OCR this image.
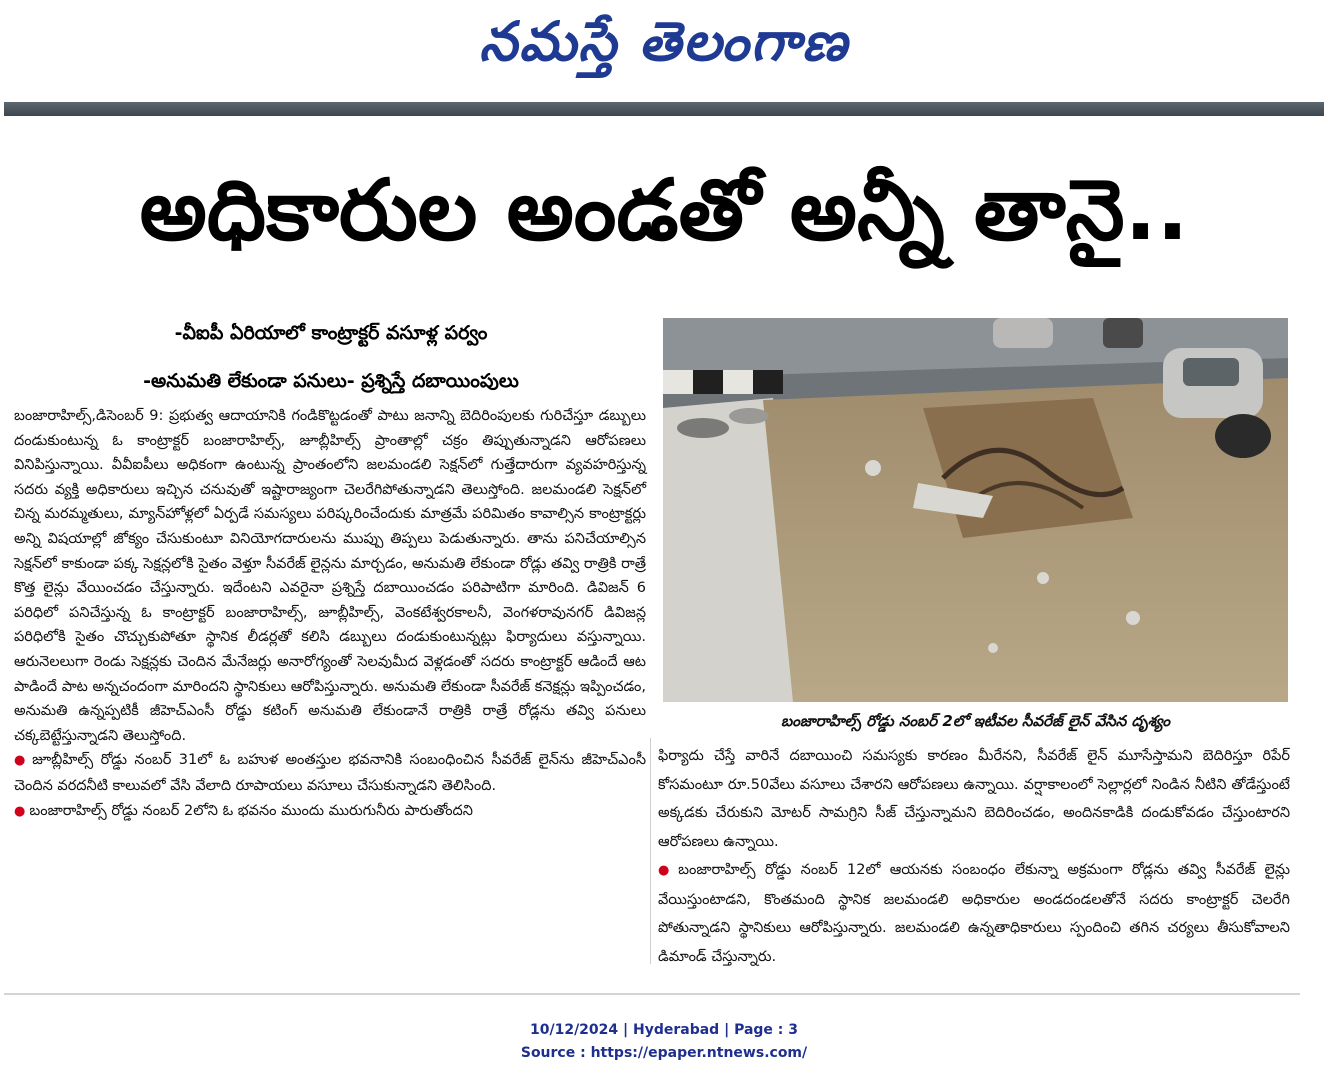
నమస్తే తెలంగాణ
అధికారుల అండతో అన్నీ తానై..
-వీఐపీ ఏరియాలో కాంట్రాక్టర్ వసూళ్ల పర్వం
-అనుమతి లేకుండా పనులు- ప్రశ్నిస్తే దబాయింపులు

బంజారాహిల్స్,డిసెంబర్ 9: ప్రభుత్వ ఆదాయానికి గండికొట్టడంతో పాటు జనాన్ని బెదిరింపులకు గురిచేస్తూ డబ్బులు దండుకుంటున్న ఓ కాంట్రాక్టర్ బంజారాహిల్స్, జూబ్లీహిల్స్ ప్రాంతాల్లో చక్రం తిప్పుతున్నాడని ఆరోపణలు వినిపిస్తున్నాయి. వీవీఐపీలు అధికంగా ఉంటున్న ప్రాంతంలోని జలమండలి సెక్షన్‌లో గుత్తేదారుగా వ్యవహరిస్తున్న సదరు వ్యక్తి అధికారులు ఇచ్చిన చనువుతో ఇష్టారాజ్యంగా చెలరేగిపోతున్నాడని తెలుస్తోంది. జలమండలి సెక్షన్‌లో చిన్న మరమ్మతులు, మ్యాన్‌హోళ్లలో ఏర్పడే సమస్యలు పరిష్కరించేందుకు మాత్రమే పరిమితం కావాల్సిన కాంట్రాక్టర్లు అన్ని విషయాల్లో జోక్యం చేసుకుంటూ వినియోగదారులను ముప్పు తిప్పలు పెడుతున్నారు. తాను పనిచేయాల్సిన సెక్షన్‌లో కాకుండా పక్క సెక్షన్లలోకి సైతం వెళ్తూ సీవరేజ్ లైన్లను మార్చడం, అనుమతి లేకుండా రోడ్లు తవ్వి రాత్రికి రాత్రే కొత్త లైన్లు వేయించడం చేస్తున్నారు. ఇదేంటని ఎవరైనా ప్రశ్నిస్తే దబాయించడం పరిపాటిగా మారింది. డివిజన్ 6 పరిధిలో పనిచేస్తున్న ఓ కాంట్రాక్టర్ బంజారాహిల్స్, జూబ్లీహిల్స్, వెంకటేశ్వరకాలనీ, వెంగళరావునగర్ డివిజన్ల పరిధిలోకి సైతం చొచ్చుకుపోతూ స్థానిక లీడర్లతో కలిసి డబ్బులు దండుకుంటున్నట్లు ఫిర్యాదులు వస్తున్నాయి. ఆరునెలలుగా రెండు సెక్షన్లకు చెందిన మేనేజర్లు అనారోగ్యంతో సెలవుమీద వెళ్లడంతో సదరు కాంట్రాక్టర్ ఆడిందే ఆట పాడిందే పాట అన్నచందంగా మారిందని స్థానికులు ఆరోపిస్తున్నారు. అనుమతి లేకుండా సీవరేజ్ కనెక్షన్లు ఇప్పించడం, అనుమతి ఉన్నప్పటికీ జీహెచ్‌ఎంసీ రోడ్డు కటింగ్ అనుమతి లేకుండానే రాత్రికి రాత్రే రోడ్లను తవ్వి పనులు చక్కబెట్టేస్తున్నాడని తెలుస్తోంది.

● జూబ్లీహిల్స్ రోడ్డు నంబర్ 31లో ఓ బహుళ అంతస్తుల భవనానికి సంబంధించిన సీవరేజ్ లైన్‌ను జీహెచ్‌ఎంసీ చెందిన వరదనీటి కాలువలో వేసి వేలాది రూపాయలు వసూలు చేసుకున్నాడని తెలిసింది.

● బంజారాహిల్స్ రోడ్డు నంబర్ 2లోని ఓ భవనం ముందు మురుగునీరు పారుతోందని

బంజారాహిల్స్ రోడ్డు నంబర్ 2లో ఇటీవల సీవరేజ్ లైన్ వేసిన దృశ్యం

ఫిర్యాదు చేస్తే వారినే దబాయించి సమస్యకు కారణం మీరేనని, సీవరేజ్ లైన్ మూసేస్తామని బెదిరిస్తూ రిపేర్ కోసమంటూ రూ.50వేలు వసూలు చేశారని ఆరోపణలు ఉన్నాయి. వర్షాకాలంలో సెల్లార్లలో నిండిన నీటిని తోడేస్తుంటే అక్కడకు చేరుకుని మోటర్ సామగ్రిని సీజ్ చేస్తున్నామని బెదిరించడం, అందినకాడికి దండుకోవడం చేస్తుంటారని ఆరోపణలు ఉన్నాయి.

● బంజారాహిల్స్ రోడ్డు నంబర్ 12లో ఆయనకు సంబంధం లేకున్నా అక్రమంగా రోడ్లను తవ్వి సీవరేజ్ లైన్లు వేయిస్తుంటాడని, కొంతమంది స్థానిక జలమండలి అధికారుల అండదండలతోనే సదరు కాంట్రాక్టర్ చెలరేగి పోతున్నాడని స్థానికులు ఆరోపిస్తున్నారు. జలమండలి ఉన్నతాధికారులు స్పందించి తగిన చర్యలు తీసుకోవాలని డిమాండ్ చేస్తున్నారు.

10/12/2024 | Hyderabad | Page : 3
Source : https://epaper.ntnews.com/
